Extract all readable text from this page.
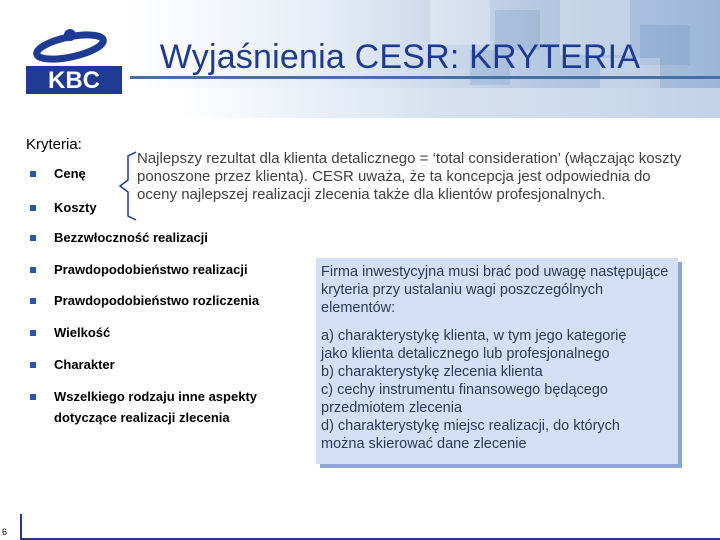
KBC
Wyjaśnienia CESR: KRYTERIA
Kryteria:
Cenę
Koszty
Bezzwłoczność realizacji
Prawdopodobieństwo realizacji
Prawdopodobieństwo rozliczenia
Wielkość
Charakter
Wszelkiego rodzaju inne aspekty
dotyczące realizacji zlecenia
Najlepszy rezultat dla klienta detalicznego = ‘total consideration’ (włączając koszty ponoszone przez klienta). CESR uważa, że ta koncepcja jest odpowiednia do oceny najlepszej realizacji zlecenia także dla klientów profesjonalnych.
Firma inwestycyjna musi brać pod uwagę następujące kryteria przy ustalaniu wagi poszczególnych elementów:
a) charakterystykę klienta, w tym jego kategorię
jako klienta detalicznego lub profesjonalnego
b) charakterystykę zlecenia klienta
c) cechy instrumentu finansowego będącego
przedmiotem zlecenia
d) charakterystykę miejsc realizacji, do których
można skierować dane zlecenie
6
